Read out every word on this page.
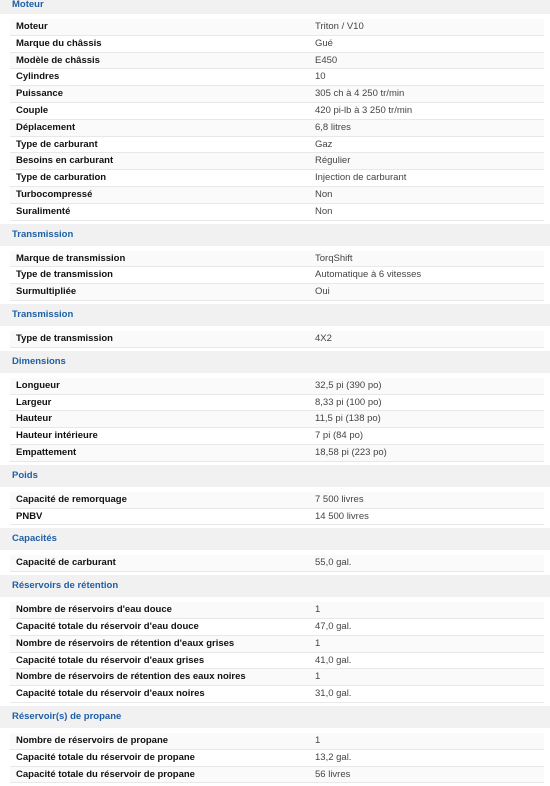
Moteur
Moteur	Triton / V10
Marque du châssis	Gué
Modèle de châssis	E450
Cylindres	10
Puissance	305 ch à 4 250 tr/min
Couple	420 pi-lb à 3 250 tr/min
Déplacement	6,8 litres
Type de carburant	Gaz
Besoins en carburant	Régulier
Type de carburation	Injection de carburant
Turbocompressé	Non
Suralimenté	Non
Transmission
Marque de transmission	TorqShift
Type de transmission	Automatique à 6 vitesses
Surmultipliée	Oui
Transmission
Type de transmission	4X2
Dimensions
Longueur	32,5 pi (390 po)
Largeur	8,33 pi (100 po)
Hauteur	11,5 pi (138 po)
Hauteur intérieure	7 pi (84 po)
Empattement	18,58 pi (223 po)
Poids
Capacité de remorquage	7 500 livres
PNBV	14 500 livres
Capacités
Capacité de carburant	55,0 gal.
Réservoirs de rétention
Nombre de réservoirs d'eau douce	1
Capacité totale du réservoir d'eau douce	47,0 gal.
Nombre de réservoirs de rétention d'eaux grises	1
Capacité totale du réservoir d'eaux grises	41,0 gal.
Nombre de réservoirs de rétention des eaux noires	1
Capacité totale du réservoir d'eaux noires	31,0 gal.
Réservoir(s) de propane
Nombre de réservoirs de propane	1
Capacité totale du réservoir de propane	13,2 gal.
Capacité totale du réservoir de propane	56 livres
